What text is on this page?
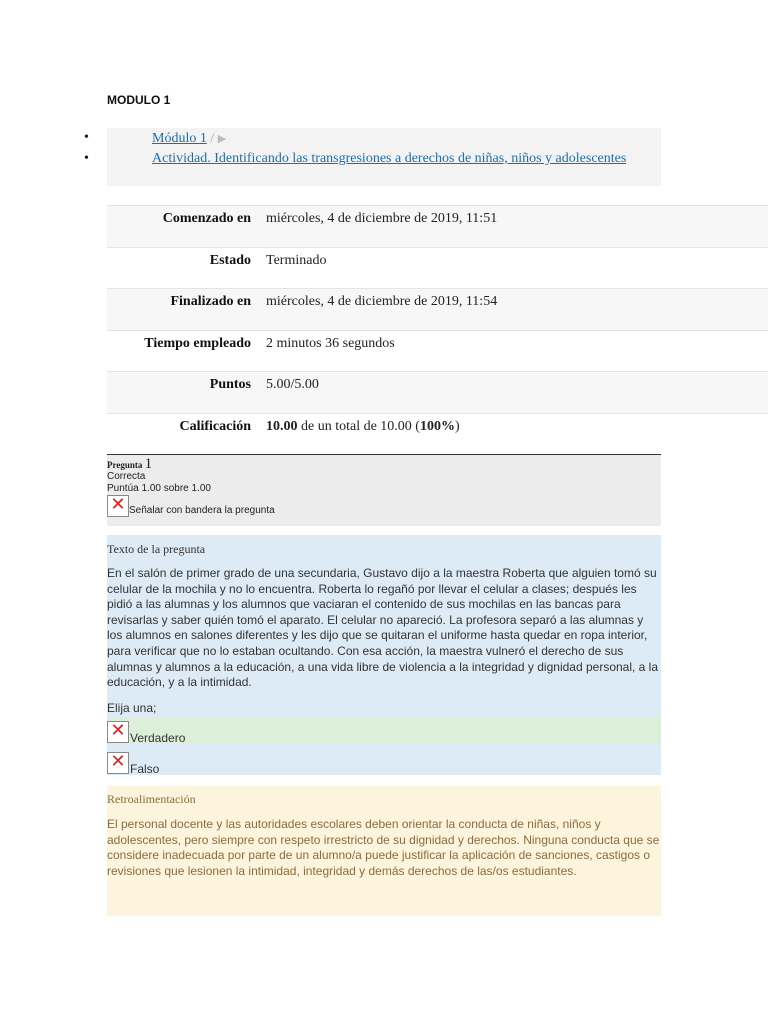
MODULO 1
•	Módulo 1 / ▶
•	Actividad. Identificando las transgresiones a derechos de niñas, niños y adolescentes
Comenzado en	miércoles, 4 de diciembre de 2019, 11:51
Estado	Terminado
Finalizado en	miércoles, 4 de diciembre de 2019, 11:54
Tiempo empleado	2 minutos 36 segundos
Puntos	5.00/5.00
Calificación	10.00 de un total de 10.00 (100%)
Pregunta 1
Correcta
Puntúa 1.00 sobre 1.00
✕ Señalar con bandera la pregunta
Texto de la pregunta
En el salón de primer grado de una secundaria, Gustavo dijo a la maestra Roberta que alguien tomó su celular de la mochila y no lo encuentra. Roberta lo regañó por llevar el celular a clases; después les pidió a las alumnas y los alumnos que vaciaran el contenido de sus mochilas en las bancas para revisarlas y saber quién tomó el aparato. El celular no apareció. La profesora separó a las alumnas y los alumnos en salones diferentes y les dijo que se quitaran el uniforme hasta quedar en ropa interior, para verificar que no lo estaban ocultando. Con esa acción, la maestra vulneró el derecho de sus alumnas y alumnos a la educación, a una vida libre de violencia a la integridad y dignidad personal, a la educación, y a la intimidad.
Elija una;
✕ Verdadero
✕ Falso
Retroalimentación
El personal docente y las autoridades escolares deben orientar la conducta de niñas, niños y adolescentes, pero siempre con respeto irrestricto de su dignidad y derechos. Ninguna conducta que se considere inadecuada por parte de un alumno/a puede justificar la aplicación de sanciones, castigos o revisiones que lesionen la intimidad, integridad y demás derechos de las/os estudiantes.
